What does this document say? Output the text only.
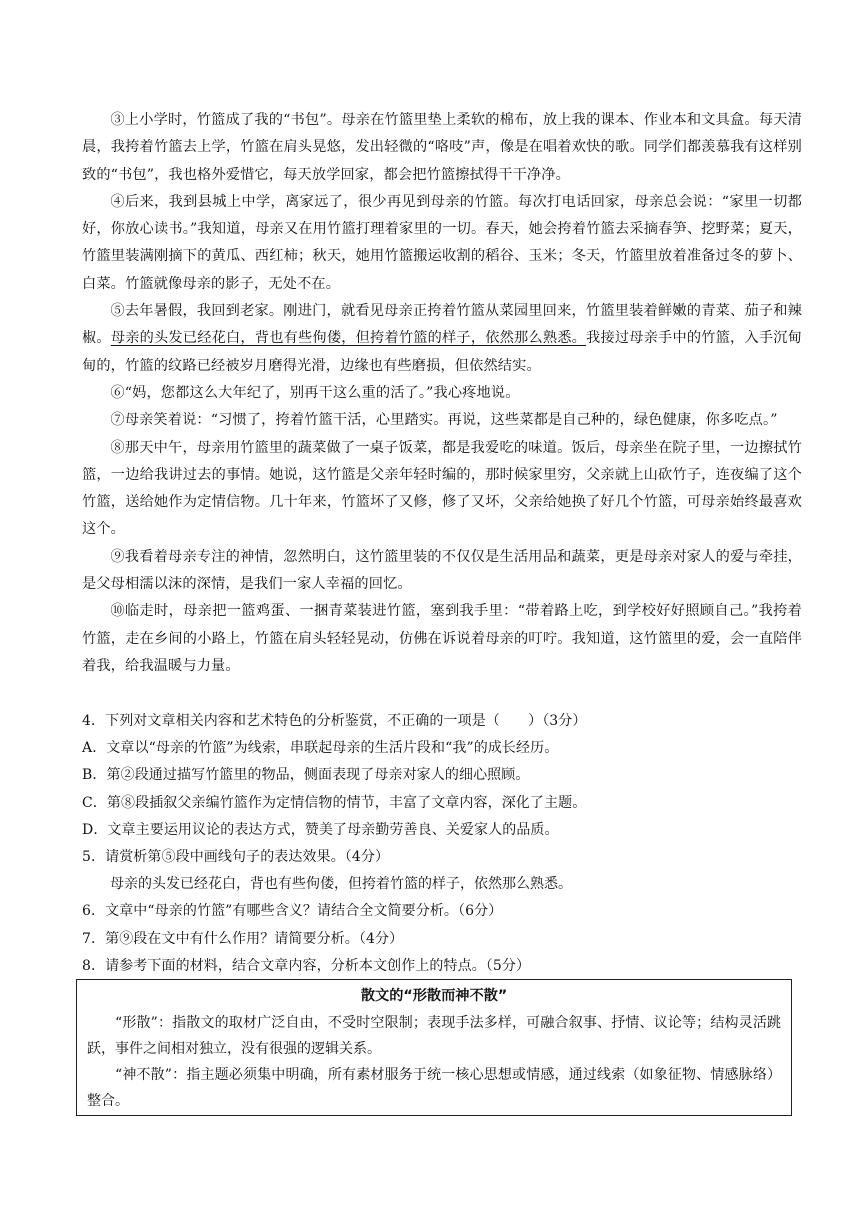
③上小学时，竹篮成了我的“书包”。母亲在竹篮里垫上柔软的棉布，放上我的课本、作业本和文具盒。每天清晨，我挎着竹篮去上学，竹篮在肩头晃悠，发出轻微的“咯吱”声，像是在唱着欢快的歌。同学们都羡慕我有这样别致的“书包”，我也格外爱惜它，每天放学回家，都会把竹篮擦拭得干干净净。

④后来，我到县城上中学，离家远了，很少再见到母亲的竹篮。每次打电话回家，母亲总会说：“家里一切都好，你放心读书。”我知道，母亲又在用竹篮打理着家里的一切。春天，她会挎着竹篮去采摘春笋、挖野菜；夏天，竹篮里装满刚摘下的黄瓜、西红柿；秋天，她用竹篮搬运收割的稻谷、玉米；冬天，竹篮里放着准备过冬的萝卜、白菜。竹篮就像母亲的影子，无处不在。

⑤去年暑假，我回到老家。刚进门，就看见母亲正挎着竹篮从菜园里回来，竹篮里装着鲜嫩的青菜、茄子和辣椒。母亲的头发已经花白，背也有些佝偻，但挎着竹篮的样子，依然那么熟悉。我接过母亲手中的竹篮，入手沉甸甸的，竹篮的纹路已经被岁月磨得光滑，边缘也有些磨损，但依然结实。

⑥“妈，您都这么大年纪了，别再干这么重的活了。”我心疼地说。

⑦母亲笑着说：“习惯了，挎着竹篮干活，心里踏实。再说，这些菜都是自己种的，绿色健康，你多吃点。”

⑧那天中午，母亲用竹篮里的蔬菜做了一桌子饭菜，都是我爱吃的味道。饭后，母亲坐在院子里，一边擦拭竹篮，一边给我讲过去的事情。她说，这竹篮是父亲年轻时编的，那时候家里穷，父亲就上山砍竹子，连夜编了这个竹篮，送给她作为定情信物。几十年来，竹篮坏了又修，修了又坏，父亲给她换了好几个竹篮，可母亲始终最喜欢这个。

⑨我看着母亲专注的神情，忽然明白，这竹篮里装的不仅仅是生活用品和蔬菜，更是母亲对家人的爱与牵挂，是父母相濡以沫的深情，是我们一家人幸福的回忆。

⑩临走时，母亲把一篮鸡蛋、一捆青菜装进竹篮，塞到我手里：“带着路上吃，到学校好好照顾自己。”我挎着竹篮，走在乡间的小路上，竹篮在肩头轻轻晃动，仿佛在诉说着母亲的叮咛。我知道，这竹篮里的爱，会一直陪伴着我，给我温暖与力量。

4．下列对文章相关内容和艺术特色的分析鉴赏，不正确的一项是（　　）（3分）

A．文章以“母亲的竹篮”为线索，串联起母亲的生活片段和“我”的成长经历。

B．第②段通过描写竹篮里的物品，侧面表现了母亲对家人的细心照顾。

C．第⑧段插叙父亲编竹篮作为定情信物的情节，丰富了文章内容，深化了主题。

D．文章主要运用议论的表达方式，赞美了母亲勤劳善良、关爱家人的品质。

5．请赏析第⑤段中画线句子的表达效果。（4分）

母亲的头发已经花白，背也有些佝偻，但挎着竹篮的样子，依然那么熟悉。

6．文章中“母亲的竹篮”有哪些含义？请结合全文简要分析。（6分）

7．第⑨段在文中有什么作用？请简要分析。（4分）

8．请参考下面的材料，结合文章内容，分析本文创作上的特点。（5分）

散文的“形散而神不散”

“形散”：指散文的取材广泛自由，不受时空限制；表现手法多样，可融合叙事、抒情、议论等；结构灵活跳跃，事件之间相对独立，没有很强的逻辑关系。

“神不散”：指主题必须集中明确，所有素材服务于统一核心思想或情感，通过线索（如象征物、情感脉络）整合。
